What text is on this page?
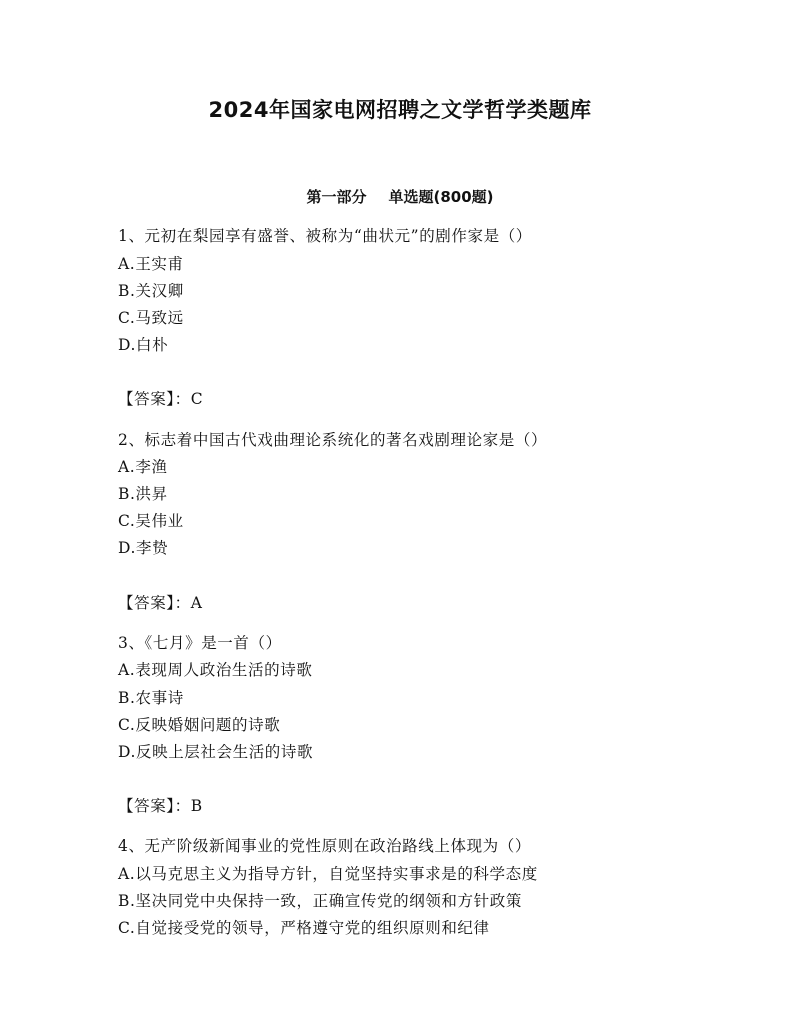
2024年国家电网招聘之文学哲学类题库
第一部分 单选题(800题)
1、元初在梨园享有盛誉、被称为“曲状元”的剧作家是（）
A.王实甫
B.关汉卿
C.马致远
D.白朴
【答案】：C
2、标志着中国古代戏曲理论系统化的著名戏剧理论家是（）
A.李渔
B.洪昇
C.吴伟业
D.李贽
【答案】：A
3、《七月》是一首（）
A.表现周人政治生活的诗歌
B.农事诗
C.反映婚姻问题的诗歌
D.反映上层社会生活的诗歌
【答案】：B
4、无产阶级新闻事业的党性原则在政治路线上体现为（）
A.以马克思主义为指导方针，自觉坚持实事求是的科学态度
B.坚决同党中央保持一致，正确宣传党的纲领和方针政策
C.自觉接受党的领导，严格遵守党的组织原则和纪律
